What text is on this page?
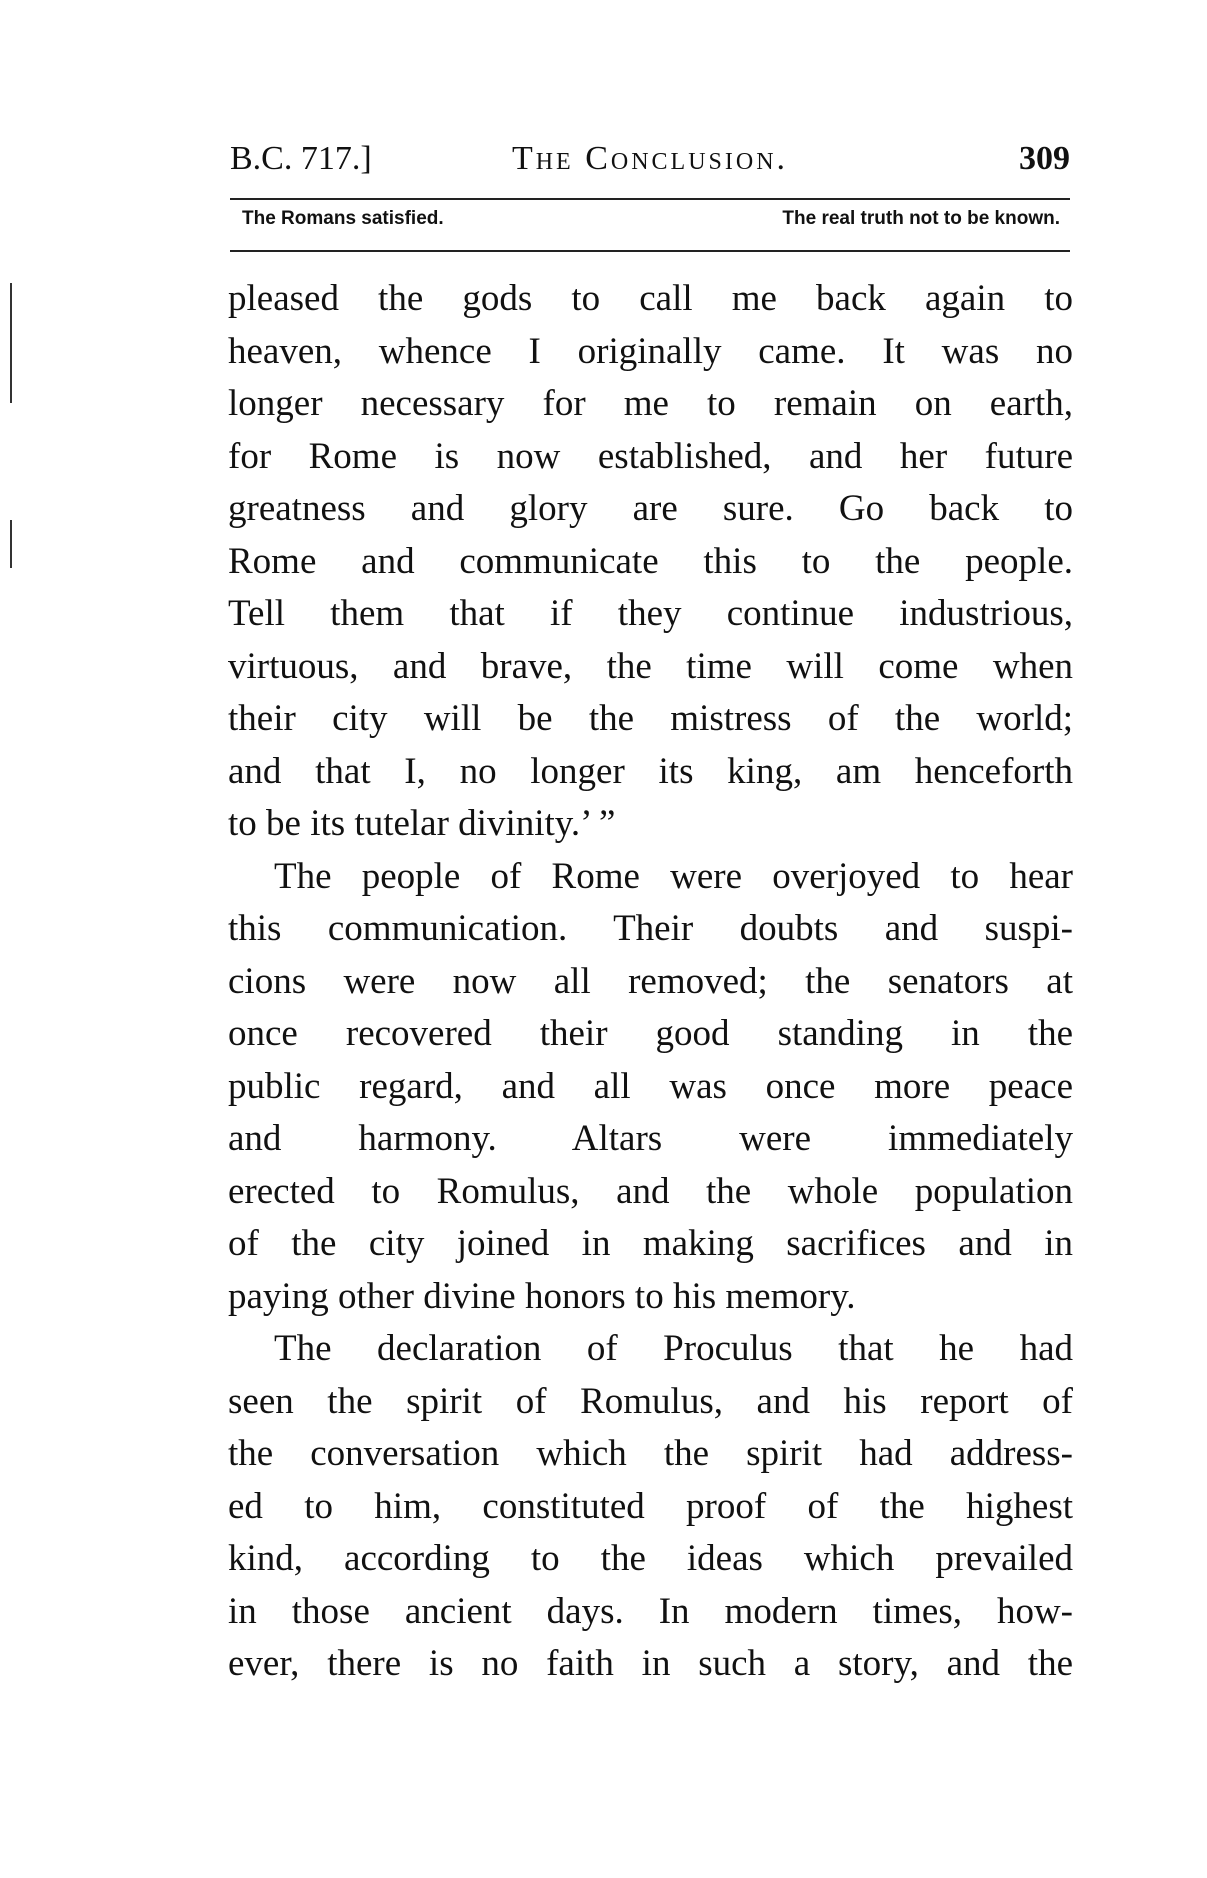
B.C. 717.]	The Conclusion.	309
The Romans satisfied.	The real truth not to be known.
pleased the gods to call me back again to
heaven, whence I originally came. It was no
longer necessary for me to remain on earth,
for Rome is now established, and her future
greatness and glory are sure. Go back to
Rome and communicate this to the people.
Tell them that if they continue industrious,
virtuous, and brave, the time will come when
their city will be the mistress of the world;
and that I, no longer its king, am henceforth
to be its tutelar divinity.’ ”
The people of Rome were overjoyed to hear
this communication. Their doubts and suspi-
cions were now all removed; the senators at
once recovered their good standing in the
public regard, and all was once more peace
and harmony. Altars were immediately
erected to Romulus, and the whole population
of the city joined in making sacrifices and in
paying other divine honors to his memory.
The declaration of Proculus that he had
seen the spirit of Romulus, and his report of
the conversation which the spirit had address-
ed to him, constituted proof of the highest
kind, according to the ideas which prevailed
in those ancient days. In modern times, how-
ever, there is no faith in such a story, and the
